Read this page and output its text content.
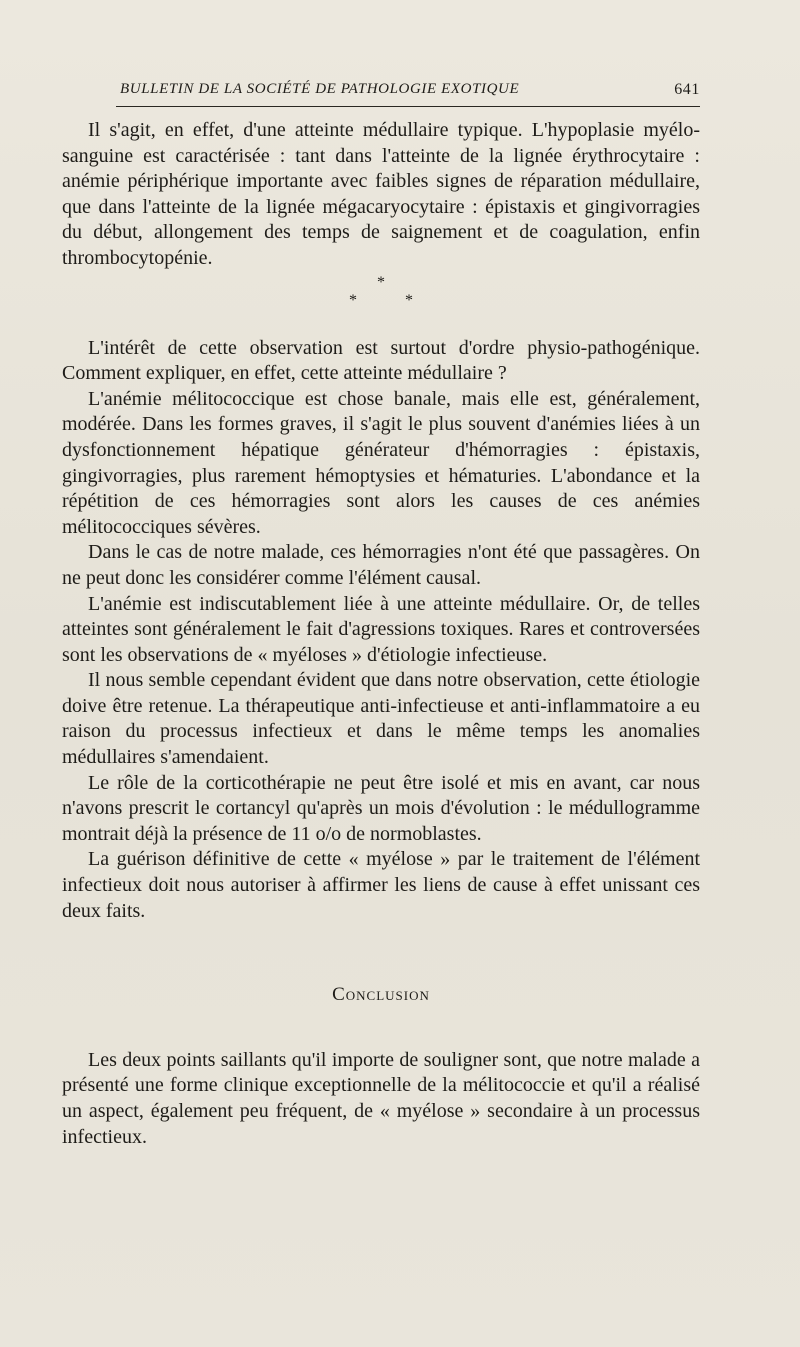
BULLETIN DE LA SOCIÉTÉ DE PATHOLOGIE EXOTIQUE	641

Il s'agit, en effet, d'une atteinte médullaire typique. L'hypoplasie myélo-sanguine est caractérisée : tant dans l'atteinte de la lignée érythrocytaire : anémie périphérique importante avec faibles signes de réparation médullaire, que dans l'atteinte de la lignée mégacaryocytaire : épistaxis et gingivorragies du début, allongement des temps de saignement et de coagulation, enfin thrombocytopénie.

*
* *

L'intérêt de cette observation est surtout d'ordre physio-pathogénique. Comment expliquer, en effet, cette atteinte médullaire ?

L'anémie mélitococcique est chose banale, mais elle est, généralement, modérée. Dans les formes graves, il s'agit le plus souvent d'anémies liées à un dysfonctionnement hépatique générateur d'hémorragies : épistaxis, gingivorragies, plus rarement hémoptysies et hématuries. L'abondance et la répétition de ces hémorragies sont alors les causes de ces anémies mélitococciques sévères.

Dans le cas de notre malade, ces hémorragies n'ont été que passagères. On ne peut donc les considérer comme l'élément causal.

L'anémie est indiscutablement liée à une atteinte médullaire. Or, de telles atteintes sont généralement le fait d'agressions toxiques. Rares et controversées sont les observations de « myéloses » d'étiologie infectieuse.

Il nous semble cependant évident que dans notre observation, cette étiologie doive être retenue. La thérapeutique anti-infectieuse et anti-inflammatoire a eu raison du processus infectieux et dans le même temps les anomalies médullaires s'amendaient.

Le rôle de la corticothérapie ne peut être isolé et mis en avant, car nous n'avons prescrit le cortancyl qu'après un mois d'évolution : le médullogramme montrait déjà la présence de 11 o/o de normoblastes.

La guérison définitive de cette « myélose » par le traitement de l'élément infectieux doit nous autoriser à affirmer les liens de cause à effet unissant ces deux faits.

Conclusion

Les deux points saillants qu'il importe de souligner sont, que notre malade a présenté une forme clinique exceptionnelle de la mélitococcie et qu'il a réalisé un aspect, également peu fréquent, de « myélose » secondaire à un processus infectieux.
